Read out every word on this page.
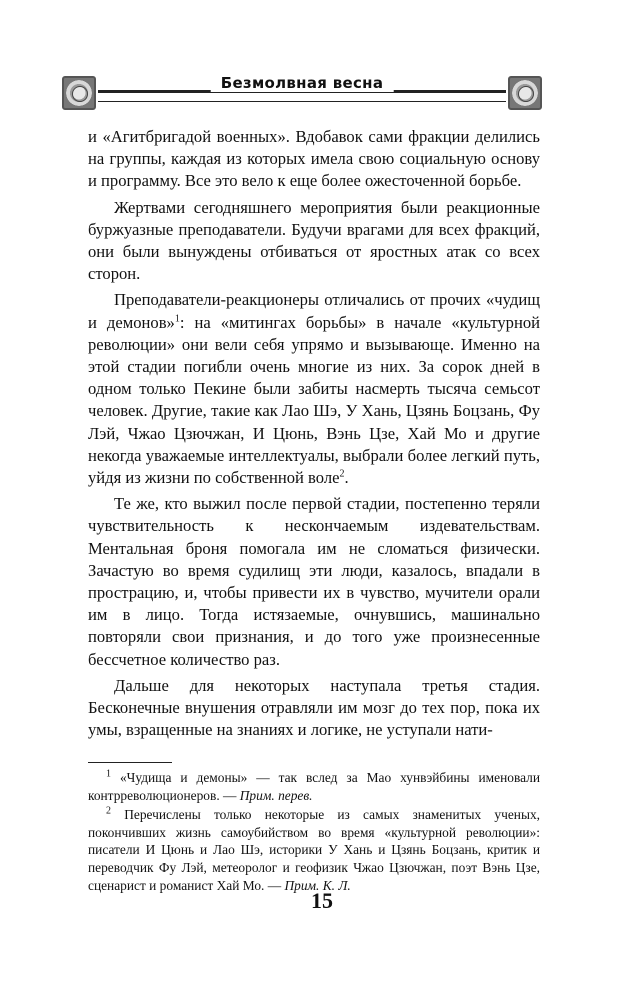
Безмолвная весна

и «Агитбригадой военных». Вдобавок сами фракции делились на группы, каждая из которых имела свою социальную основу и программу. Все это вело к еще более ожесточенной борьбе.

Жертвами сегодняшнего мероприятия были реакционные буржуазные преподаватели. Будучи врагами для всех фракций, они были вынуждены отбиваться от яростных атак со всех сторон.

Преподаватели-реакционеры отличались от прочих «чудищ и демонов»$^1$: на «митингах борьбы» в начале «культурной революции» они вели себя упрямо и вызывающе. Именно на этой стадии погибли очень многие из них. За сорок дней в одном только Пекине были забиты насмерть тысяча семьсот человек. Другие, такие как Лао Шэ, У Хань, Цзянь Боцзань, Фу Лэй, Чжао Цзючжан, И Цюнь, Вэнь Цзе, Хай Мо и другие некогда уважаемые интеллектуалы, выбрали более легкий путь, уйдя из жизни по собственной воле$^2$.

Те же, кто выжил после первой стадии, постепенно теряли чувствительность к нескончаемым издевательствам. Ментальная броня помогала им не сломаться физически. Зачастую во время судилищ эти люди, казалось, впадали в прострацию, и, чтобы привести их в чувство, мучители орали им в лицо. Тогда истязаемые, очнувшись, машинально повторяли свои признания, и до того уже произнесенные бессчетное количество раз.

Дальше для некоторых наступала третья стадия. Бесконечные внушения отравляли им мозг до тех пор, пока их умы, взращенные на знаниях и логике, не уступали нати-

$^1$ «Чудища и демоны» — так вслед за Мао хунвэйбины именовали контрреволюционеров. — Прим. перев.

$^2$ Перечислены только некоторые из самых знаменитых ученых, покончивших жизнь самоубийством во время «культурной революции»: писатели И Цюнь и Лао Шэ, историки У Хань и Цзянь Боцзань, критик и переводчик Фу Лэй, метеоролог и геофизик Чжао Цзючжан, поэт Вэнь Цзе, сценарист и романист Хай Мо. — Прим. К. Л.

15
